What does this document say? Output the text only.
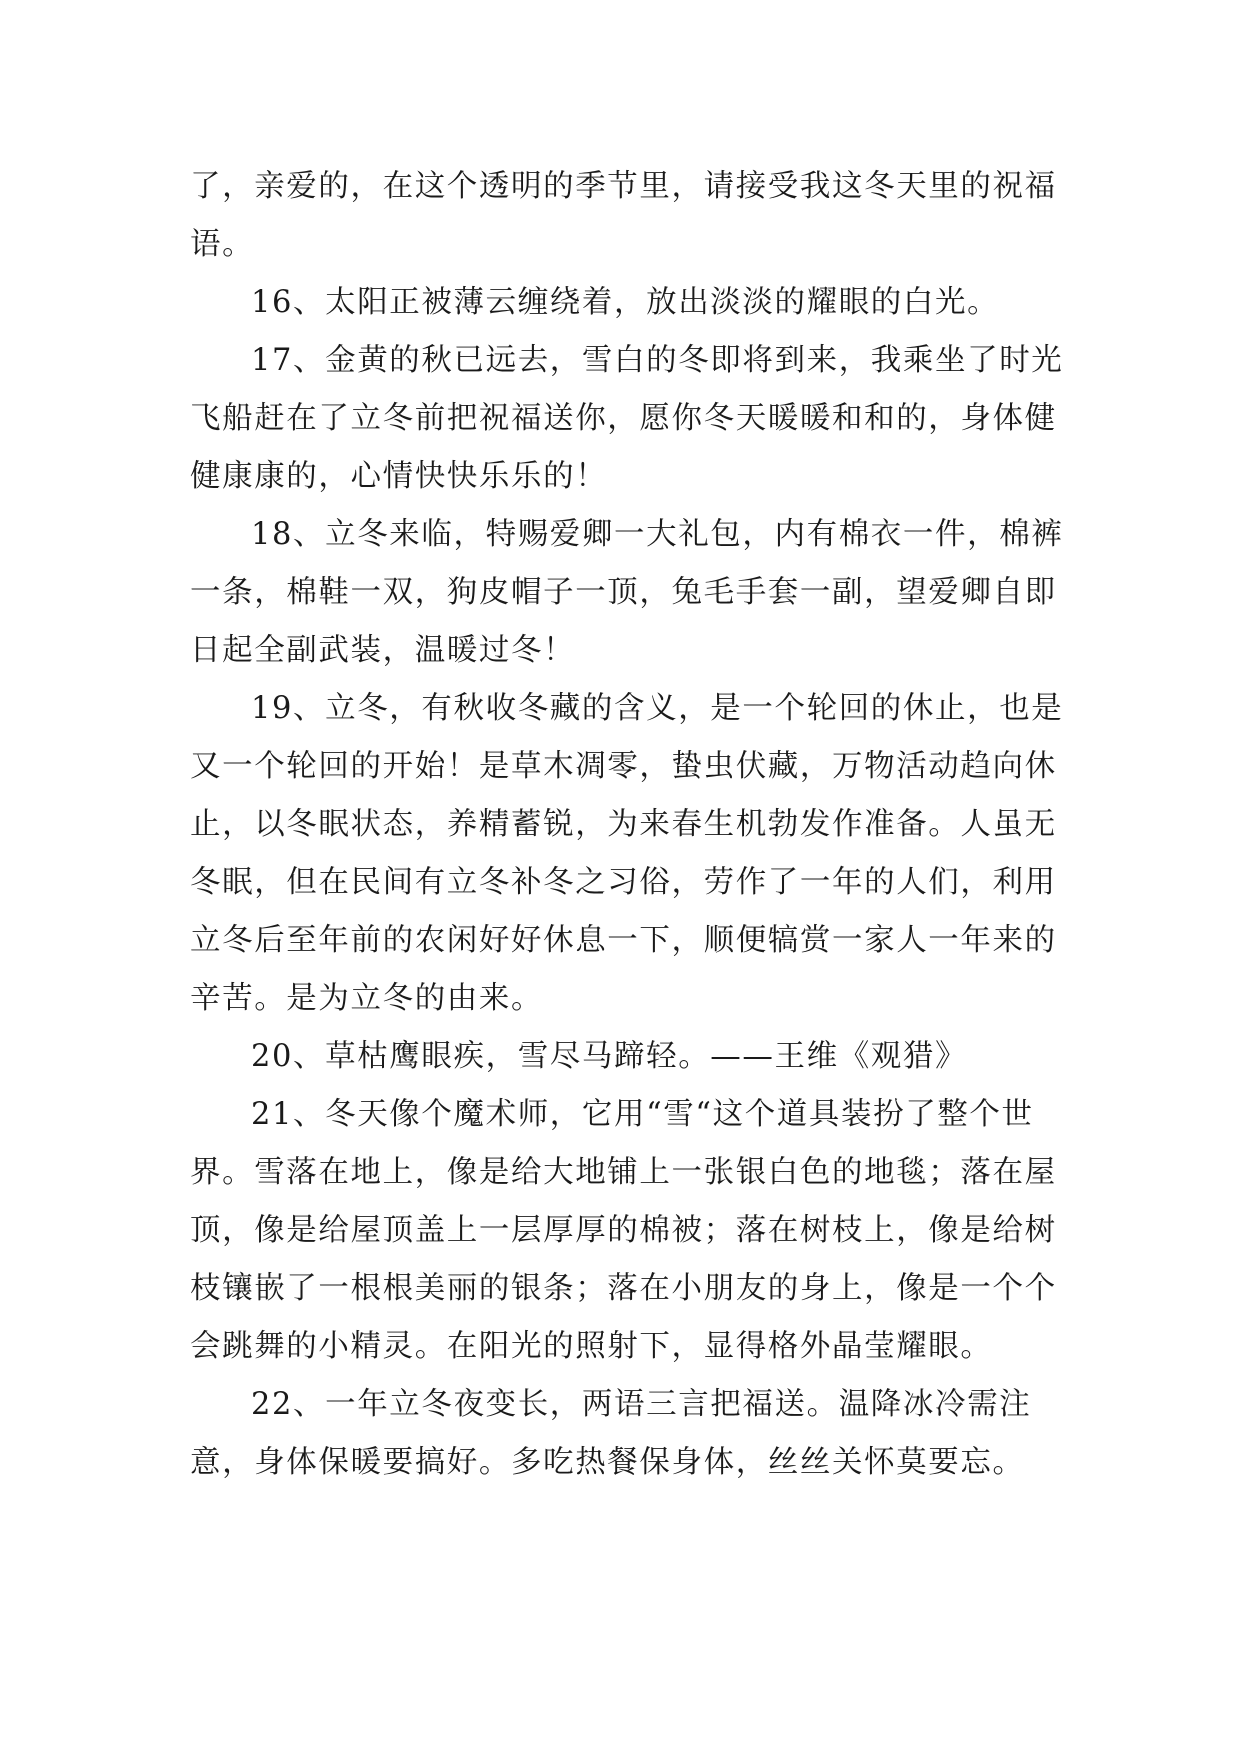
了，亲爱的，在这个透明的季节里，请接受我这冬天里的祝福语。

16、太阳正被薄云缠绕着，放出淡淡的耀眼的白光。

17、金黄的秋已远去，雪白的冬即将到来，我乘坐了时光飞船赶在了立冬前把祝福送你，愿你冬天暖暖和和的，身体健健康康的，心情快快乐乐的！

18、立冬来临，特赐爱卿一大礼包，内有棉衣一件，棉裤一条，棉鞋一双，狗皮帽子一顶，兔毛手套一副，望爱卿自即日起全副武装，温暖过冬！

19、立冬，有秋收冬藏的含义，是一个轮回的休止，也是又一个轮回的开始！是草木凋零，蛰虫伏藏，万物活动趋向休止，以冬眠状态，养精蓄锐，为来春生机勃发作准备。人虽无冬眠，但在民间有立冬补冬之习俗，劳作了一年的人们，利用立冬后至年前的农闲好好休息一下，顺便犒赏一家人一年来的辛苦。是为立冬的由来。

20、草枯鹰眼疾，雪尽马蹄轻。——王维《观猎》

21、冬天像个魔术师，它用“雪“这个道具装扮了整个世界。雪落在地上，像是给大地铺上一张银白色的地毯；落在屋顶，像是给屋顶盖上一层厚厚的棉被；落在树枝上，像是给树枝镶嵌了一根根美丽的银条；落在小朋友的身上，像是一个个会跳舞的小精灵。在阳光的照射下，显得格外晶莹耀眼。

22、一年立冬夜变长，两语三言把福送。温降冰冷需注意，身体保暖要搞好。多吃热餐保身体，丝丝关怀莫要忘。
